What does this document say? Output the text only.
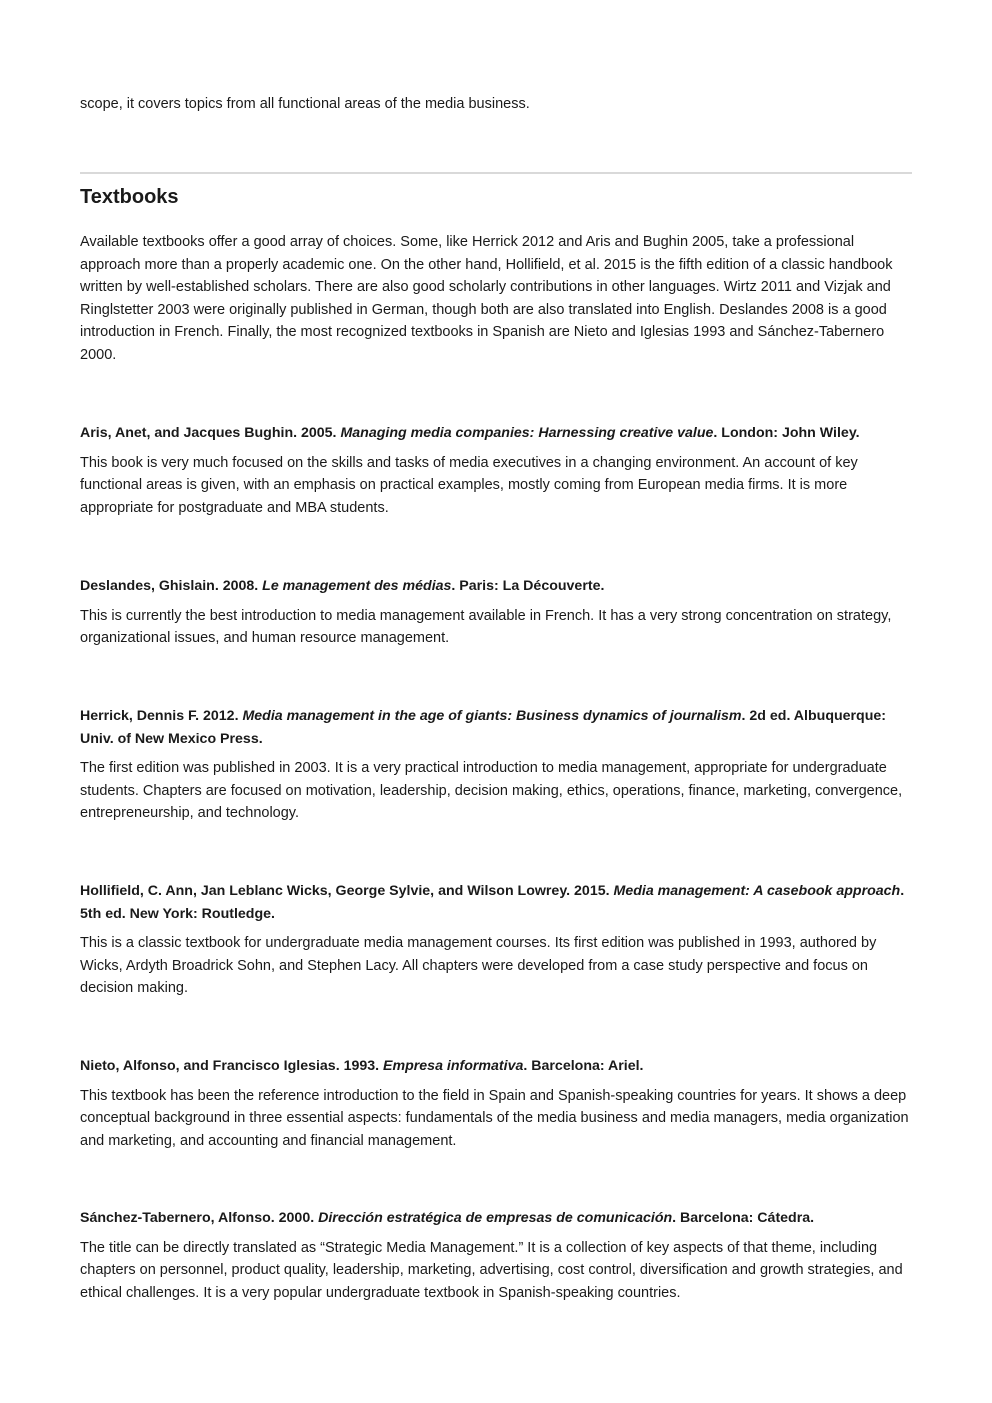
scope, it covers topics from all functional areas of the media business.

Textbooks

Available textbooks offer a good array of choices. Some, like Herrick 2012 and Aris and Bughin 2005, take a professional approach more than a properly academic one. On the other hand, Hollifield, et al. 2015 is the fifth edition of a classic handbook written by well-established scholars. There are also good scholarly contributions in other languages. Wirtz 2011 and Vizjak and Ringlstetter 2003 were originally published in German, though both are also translated into English. Deslandes 2008 is a good introduction in French. Finally, the most recognized textbooks in Spanish are Nieto and Iglesias 1993 and Sánchez-Tabernero 2000.

Aris, Anet, and Jacques Bughin. 2005. Managing media companies: Harnessing creative value. London: John Wiley.

This book is very much focused on the skills and tasks of media executives in a changing environment. An account of key functional areas is given, with an emphasis on practical examples, mostly coming from European media firms. It is more appropriate for postgraduate and MBA students.

Deslandes, Ghislain. 2008. Le management des médias. Paris: La Découverte.

This is currently the best introduction to media management available in French. It has a very strong concentration on strategy, organizational issues, and human resource management.

Herrick, Dennis F. 2012. Media management in the age of giants: Business dynamics of journalism. 2d ed. Albuquerque: Univ. of New Mexico Press.

The first edition was published in 2003. It is a very practical introduction to media management, appropriate for undergraduate students. Chapters are focused on motivation, leadership, decision making, ethics, operations, finance, marketing, convergence, entrepreneurship, and technology.

Hollifield, C. Ann, Jan Leblanc Wicks, George Sylvie, and Wilson Lowrey. 2015. Media management: A casebook approach. 5th ed. New York: Routledge.

This is a classic textbook for undergraduate media management courses. Its first edition was published in 1993, authored by Wicks, Ardyth Broadrick Sohn, and Stephen Lacy. All chapters were developed from a case study perspective and focus on decision making.

Nieto, Alfonso, and Francisco Iglesias. 1993. Empresa informativa. Barcelona: Ariel.

This textbook has been the reference introduction to the field in Spain and Spanish-speaking countries for years. It shows a deep conceptual background in three essential aspects: fundamentals of the media business and media managers, media organization and marketing, and accounting and financial management.

Sánchez-Tabernero, Alfonso. 2000. Dirección estratégica de empresas de comunicación. Barcelona: Cátedra.

The title can be directly translated as “Strategic Media Management.” It is a collection of key aspects of that theme, including chapters on personnel, product quality, leadership, marketing, advertising, cost control, diversification and growth strategies, and ethical challenges. It is a very popular undergraduate textbook in Spanish-speaking countries.
